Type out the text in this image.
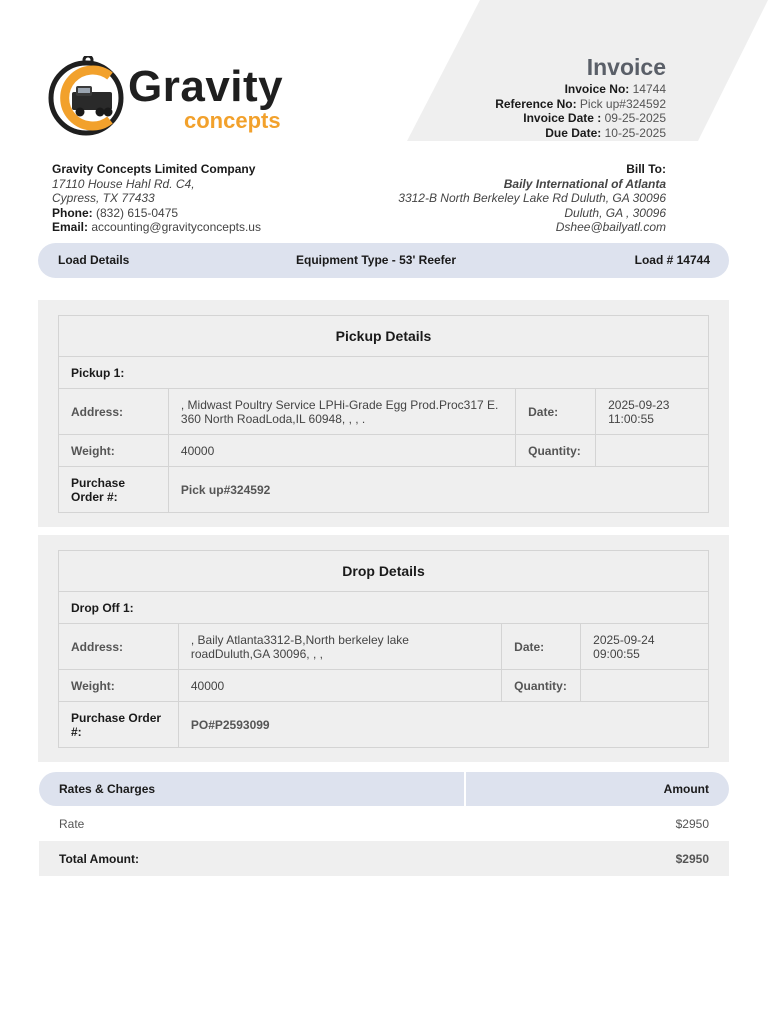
Gravity
concepts
Invoice
Invoice No: 14744
Reference No: Pick up#324592
Invoice Date : 09-25-2025
Due Date: 10-25-2025
Gravity Concepts Limited Company
17110 House Hahl Rd. C4,
Cypress, TX 77433
Phone: (832) 615-0475
Email: accounting@gravityconcepts.us
Bill To:
Baily International of Atlanta
3312-B North Berkeley Lake Rd Duluth, GA 30096
Duluth, GA , 30096
Dshee@bailyatl.com
Load Details	Equipment Type - 53' Reefer	Load # 14744
Pickup Details			
Pickup 1:			
Address:	, Midwast Poultry Service LPHi-Grade Egg Prod.Proc317 E. 360 North RoadLoda,IL 60948, , , .	Date:	2025-09-23 11:00:55
Weight:	40000	Quantity:	
Purchase Order #:	Pick up#324592		
Drop Details			
Drop Off 1:			
Address:	, Baily Atlanta3312-B,North berkeley lake roadDuluth,GA 30096, , ,	Date:	2025-09-24 09:00:55
Weight:	40000	Quantity:	
Purchase Order #:	PO#P2593099		
Rates & Charges	Amount
Rate	$2950
Total Amount:	$2950
